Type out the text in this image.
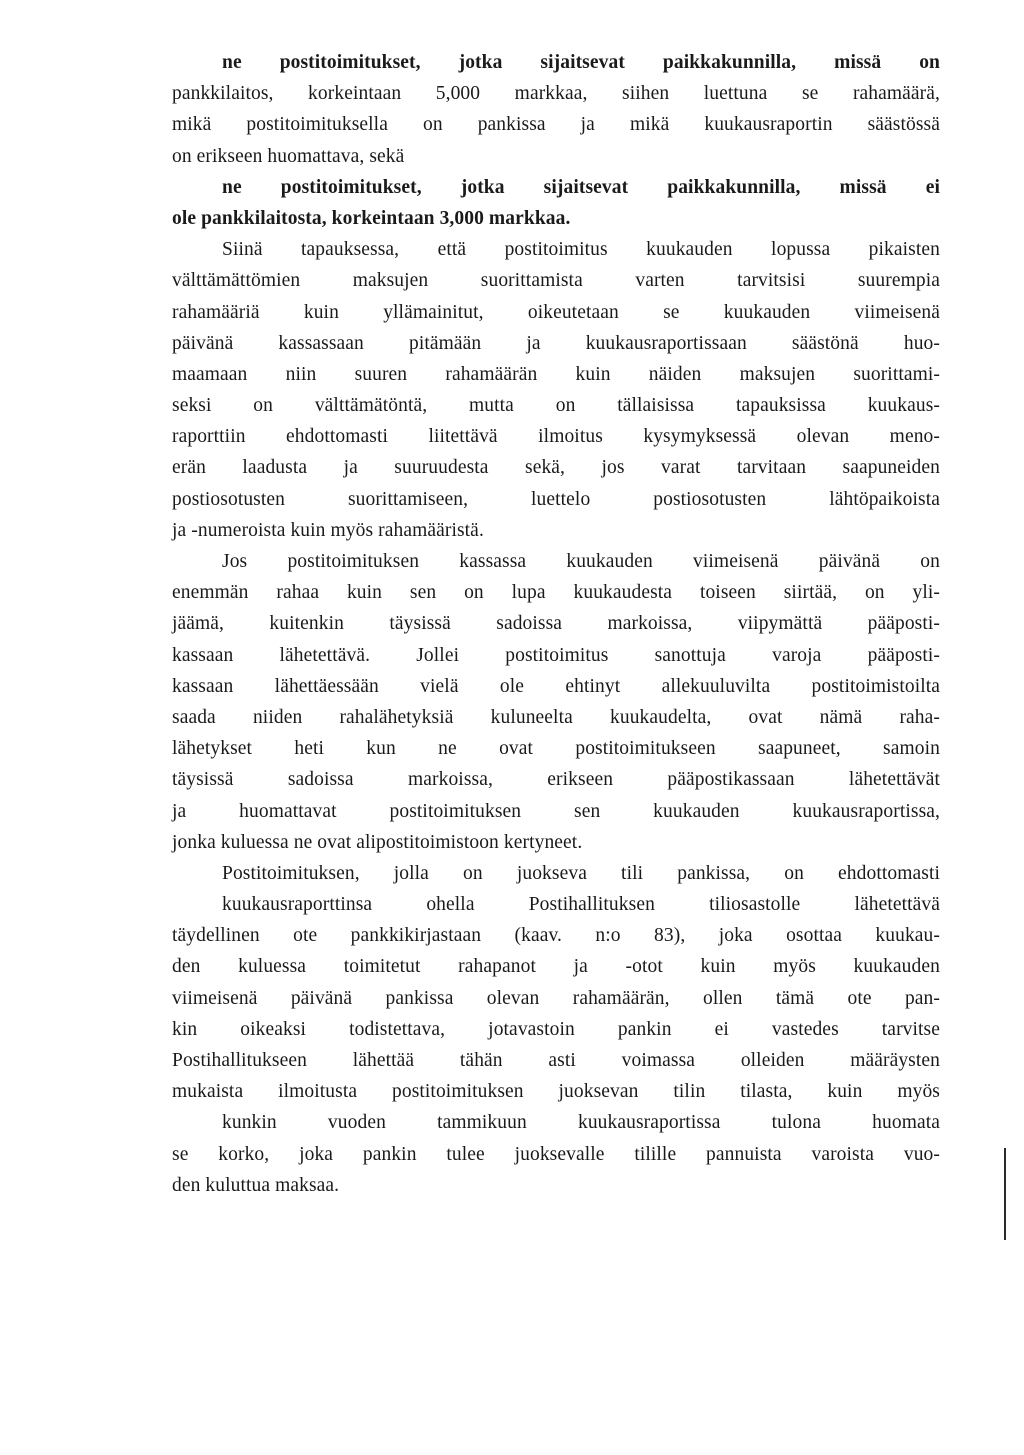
ne postitoimitukset, jotka sijaitsevat paikkakunnilla, missä on
pankkilaitos, korkeintaan 5,000 markkaa, siihen luettuna se rahamäärä,
mikä postitoimituksella on pankissa ja mikä kuukausraportin säästössä
on erikseen huomattava, sekä
ne postitoimitukset, jotka sijaitsevat paikkakunnilla, missä ei
ole pankkilaitosta, korkeintaan 3,000 markkaa.
Siinä tapauksessa, että postitoimitus kuukauden lopussa pikaisten
välttämättömien maksujen suorittamista varten tarvitsisi suurempia
rahamääriä kuin yllämainitut, oikeutetaan se kuukauden viimeisenä
päivänä kassassaan pitämään ja kuukausraportissaan säästönä huo-
maamaan niin suuren rahamäärän kuin näiden maksujen suorittami-
seksi on välttämätöntä, mutta on tällaisissa tapauksissa kuukaus-
raporttiin ehdottomasti liitettävä ilmoitus kysymyksessä olevan meno-
erän laadusta ja suuruudesta sekä, jos varat tarvitaan saapuneiden
postiosotusten suorittamiseen, luettelo postiosotusten lähtöpaikoista
ja -numeroista kuin myös rahamääristä.
Jos postitoimituksen kassassa kuukauden viimeisenä päivänä on
enemmän rahaa kuin sen on lupa kuukaudesta toiseen siirtää, on yli-
jäämä, kuitenkin täysissä sadoissa markoissa, viipymättä pääposti-
kassaan lähetettävä. Jollei postitoimitus sanottuja varoja pääposti-
kassaan lähettäessään vielä ole ehtinyt allekuuluvilta postitoimistoilta
saada niiden rahalähetyksiä kuluneelta kuukaudelta, ovat nämä raha-
lähetykset heti kun ne ovat postitoimitukseen saapuneet, samoin
täysissä sadoissa markoissa, erikseen pääpostikassaan lähetettävät
ja huomattavat postitoimituksen sen kuukauden kuukausraportissa,
jonka kuluessa ne ovat alipostitoimistoon kertyneet.
Postitoimituksen, jolla on juokseva tili pankissa, on ehdottomasti
kuukausraporttinsa ohella Postihallituksen tiliosastolle lähetettävä
täydellinen ote pankkikirjastaan (kaav. n:o 83), joka osottaa kuukau-
den kuluessa toimitetut rahapanot ja -otot kuin myös kuukauden
viimeisenä päivänä pankissa olevan rahamäärän, ollen tämä ote pan-
kin oikeaksi todistettava, jotavastoin pankin ei vastedes tarvitse
Postihallitukseen lähettää tähän asti voimassa olleiden määräysten
mukaista ilmoitusta postitoimituksen juoksevan tilin tilasta, kuin myös
kunkin vuoden tammikuun kuukausraportissa tulona huomata
se korko, joka pankin tulee juoksevalle tilille pannuista varoista vuo-
den kuluttua maksaa.
